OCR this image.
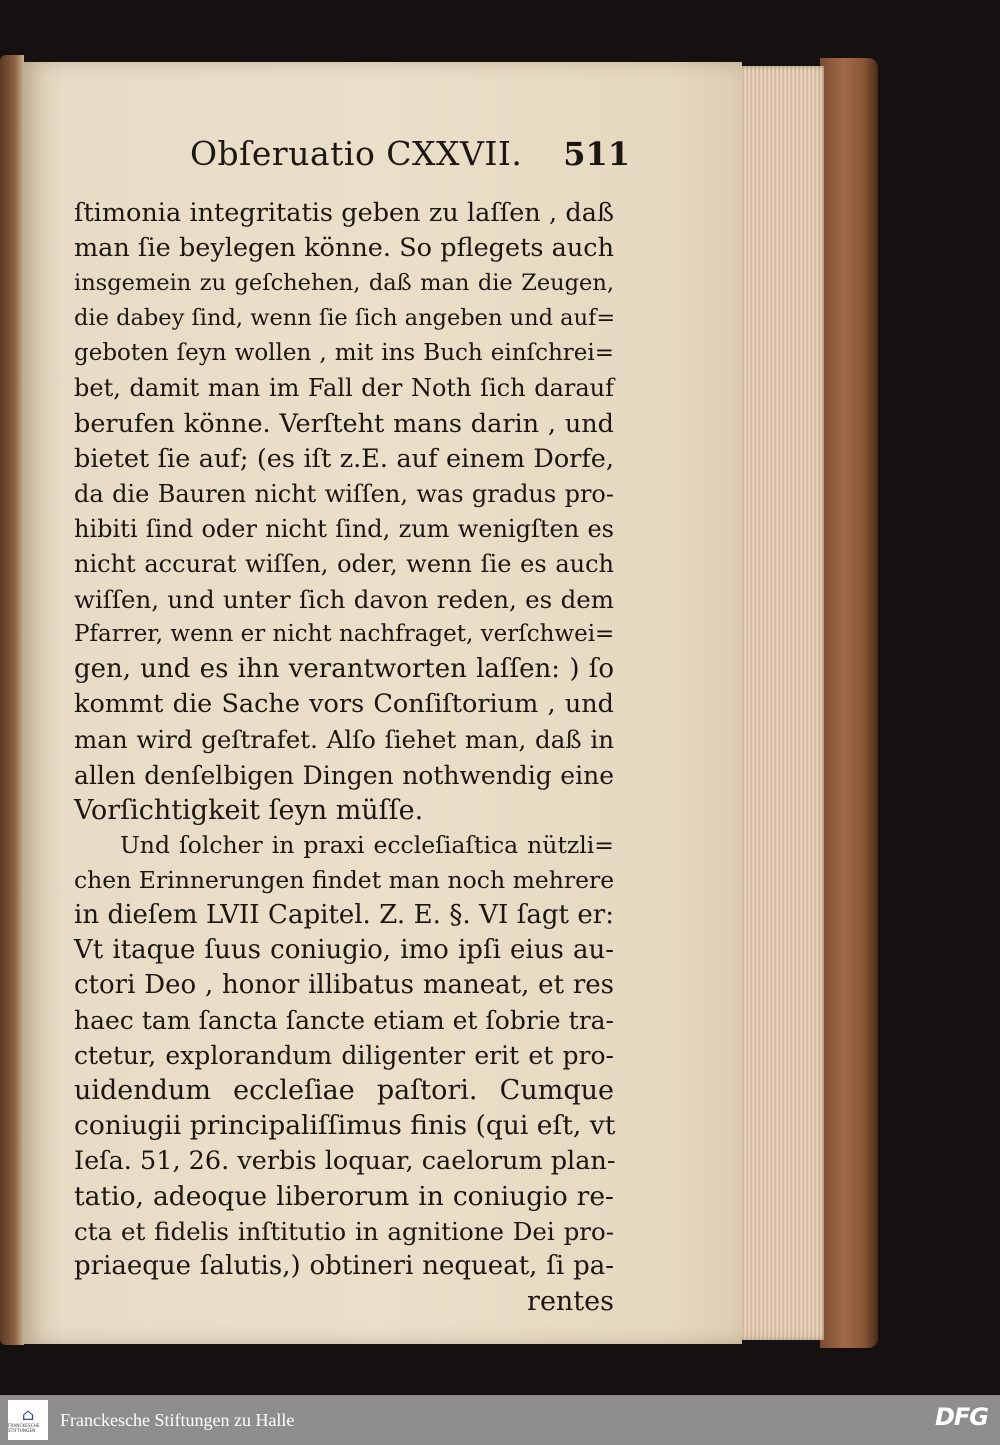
Obſeruatio CXXVII. 511
ſtimonia integritatis geben zu laſſen , daß
man ſie beylegen könne. So pflegets auch
insgemein zu geſchehen, daß man die Zeugen,
die dabey ſind, wenn ſie ſich angeben und auf=
geboten ſeyn wollen , mit ins Buch einſchrei=
bet, damit man im Fall der Noth ſich darauf
berufen könne. Verſteht mans darin , und
bietet ſie auf; (es iſt z.E. auf einem Dorfe,
da die Bauren nicht wiſſen, was gradus pro-
hibiti ſind oder nicht ſind, zum wenigſten es
nicht accurat wiſſen, oder, wenn ſie es auch
wiſſen, und unter ſich davon reden, es dem
Pfarrer, wenn er nicht nachfraget, verſchwei=
gen, und es ihn verantworten laſſen: ) ſo
kommt die Sache vors Conſiſtorium , und
man wird geſtrafet. Alſo ſiehet man, daß in
allen denſelbigen Dingen nothwendig eine
Vorſichtigkeit ſeyn müſſe.
Und ſolcher in praxi eccleſiaſtica nützli=
chen Erinnerungen findet man noch mehrere
in dieſem LVII Capitel. Z. E. §. VI ſagt er:
Vt itaque ſuus coniugio, imo ipſi eius au-
ctori Deo , honor illibatus maneat, et res
haec tam ſancta ſancte etiam et ſobrie tra-
ctetur, explorandum diligenter erit et pro-
uidendum eccleſiae paſtori. Cumque
coniugii principaliſſimus finis (qui eſt, vt
Ieſa. 51, 26. verbis loquar, caelorum plan-
tatio, adeoque liberorum in coniugio re-
cta et fidelis inſtitutio in agnitione Dei pro-
priaeque ſalutis,) obtineri nequeat, ſi pa-
rentes
⌂
FRANCKESCHE STIFTUNGEN
Franckesche Stiftungen zu Halle	DFG
